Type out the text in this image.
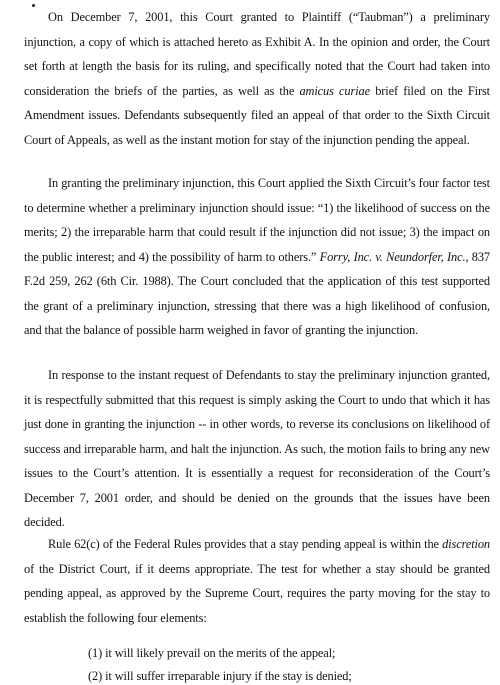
On December 7, 2001, this Court granted to Plaintiff (“Taubman”) a preliminary injunction, a copy of which is attached hereto as Exhibit A. In the opinion and order, the Court set forth at length the basis for its ruling, and specifically noted that the Court had taken into consideration the briefs of the parties, as well as the amicus curiae brief filed on the First Amendment issues. Defendants subsequently filed an appeal of that order to the Sixth Circuit Court of Appeals, as well as the instant motion for stay of the injunction pending the appeal.

In granting the preliminary injunction, this Court applied the Sixth Circuit’s four factor test to determine whether a preliminary injunction should issue: “1) the likelihood of success on the merits; 2) the irreparable harm that could result if the injunction did not issue; 3) the impact on the public interest; and 4) the possibility of harm to others.” Forry, Inc. v. Neundorfer, Inc., 837 F.2d 259, 262 (6th Cir. 1988). The Court concluded that the application of this test supported the grant of a preliminary injunction, stressing that there was a high likelihood of confusion, and that the balance of possible harm weighed in favor of granting the injunction.

In response to the instant request of Defendants to stay the preliminary injunction granted, it is respectfully submitted that this request is simply asking the Court to undo that which it has just done in granting the injunction -- in other words, to reverse its conclusions on likelihood of success and irreparable harm, and halt the injunction. As such, the motion fails to bring any new issues to the Court’s attention. It is essentially a request for reconsideration of the Court’s December 7, 2001 order, and should be denied on the grounds that the issues have been decided.

Rule 62(c) of the Federal Rules provides that a stay pending appeal is within the discretion of the District Court, if it deems appropriate. The test for whether a stay should be granted pending appeal, as approved by the Supreme Court, requires the party moving for the stay to establish the following four elements:

(1) it will likely prevail on the merits of the appeal;

(2) it will suffer irreparable injury if the stay is denied;
